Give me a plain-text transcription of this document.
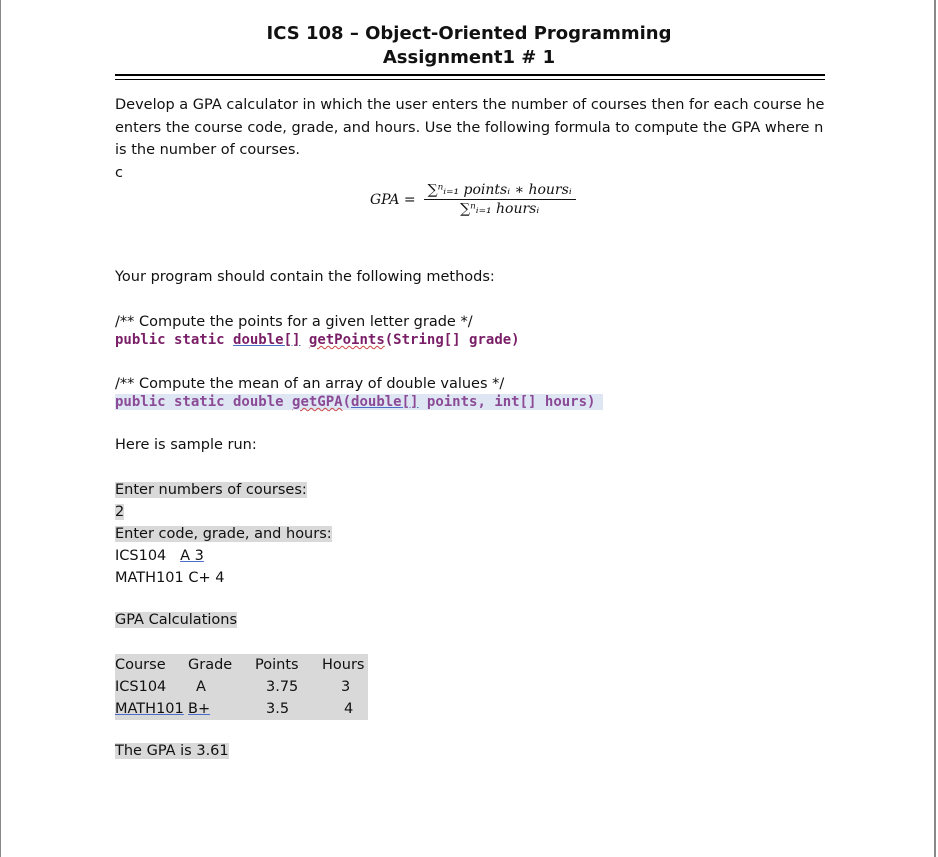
ICS 108 – Object-Oriented Programming
Assignment1 # 1
Develop a GPA calculator in which the user enters the number of courses then for each course he enters the course code, grade, and hours. Use the following formula to compute the GPA where n is the number of courses.
c
GPA = $\frac{\text{∑ⁿᵢ₌₁ pointsᵢ ∗ hoursᵢ}}{\text{∑ⁿᵢ₌₁ hoursᵢ}}$
Your program should contain the following methods:
/** Compute the points for a given letter grade */
public static double[] getPoints(String[] grade)
/** Compute the mean of an array of double values */
public static double getGPA(double[] points, int[] hours)
Here is sample run:
Enter numbers of courses:
2
Enter code, grade, and hours:
ICS104 A 3
MATH101 C+ 4
GPA Calculations
Course	Grade	Points	Hours
ICS104	A	3.75	3
MATH101	B+	3.5	4
The GPA is 3.61
